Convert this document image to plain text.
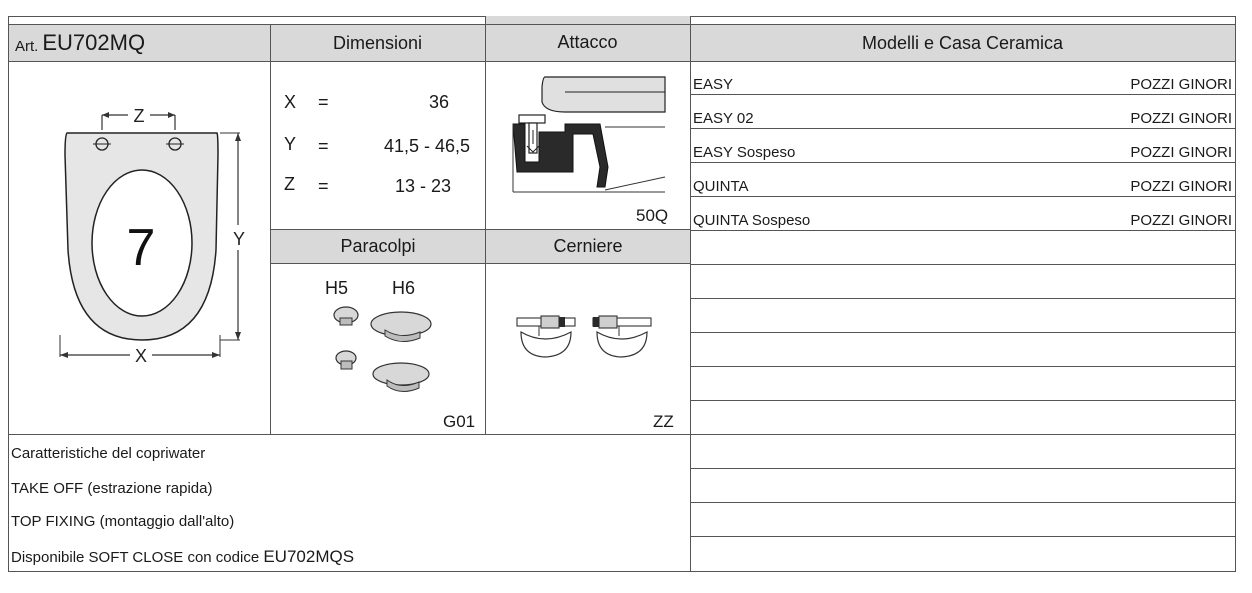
Art. EU702MQ	Dimensioni	Attacco	Modelli e Casa Ceramica
Paracolpi	Cerniere
Z
7	Y
X
X =	36
Y =	41,5 - 46,5
Z =	13 - 23
50Q
H5 H6
G01	ZZ
EASY	POZZI GINORI
EASY 02	POZZI GINORI
EASY Sospeso	POZZI GINORI
QUINTA	POZZI GINORI
QUINTA Sospeso	POZZI GINORI
Caratteristiche del copriwater
TAKE OFF (estrazione rapida)
TOP FIXING (montaggio dall'alto)
Disponibile SOFT CLOSE con codice EU702MQS
